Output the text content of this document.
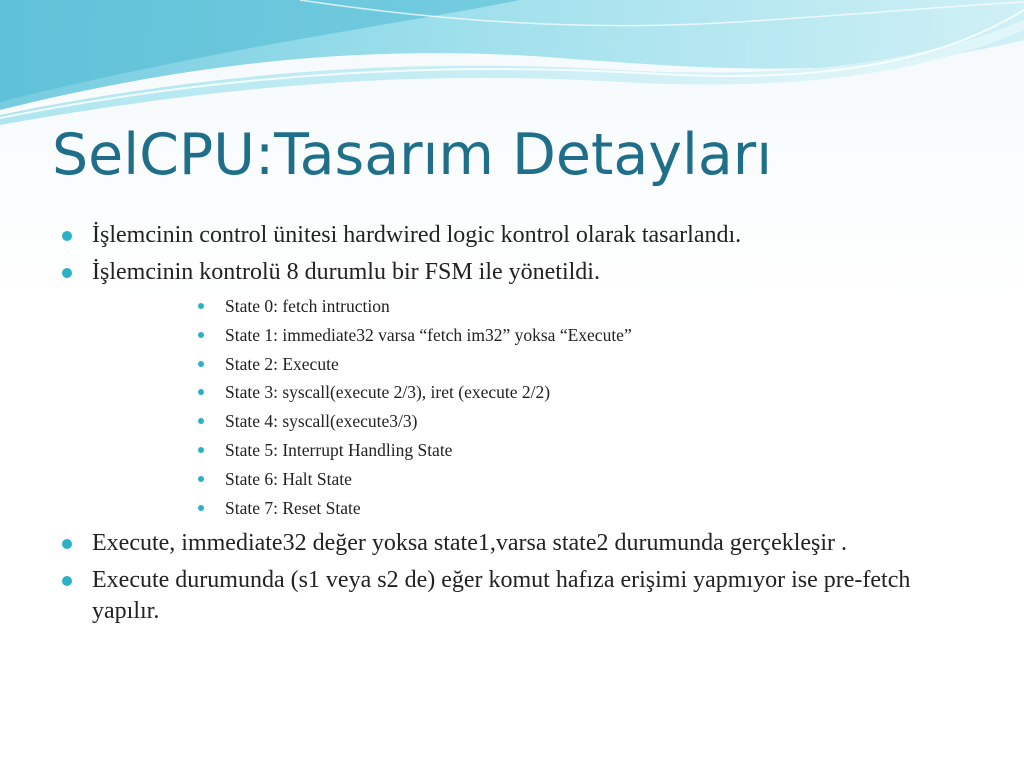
SelCPU:Tasarım Detayları
İşlemcinin control ünitesi hardwired logic kontrol olarak tasarlandı.
İşlemcinin kontrolü 8 durumlu bir FSM ile yönetildi.
State 0: fetch intruction
State 1: immediate32 varsa “fetch im32” yoksa “Execute”
State 2: Execute
State 3: syscall(execute 2/3), iret (execute 2/2)
State 4: syscall(execute3/3)
State 5: Interrupt Handling State
State 6: Halt State
State 7: Reset State
Execute, immediate32 değer yoksa state1,varsa state2 durumunda gerçekleşir .
Execute durumunda (s1 veya s2 de) eğer komut hafıza erişimi yapmıyor ise pre-fetch yapılır.
